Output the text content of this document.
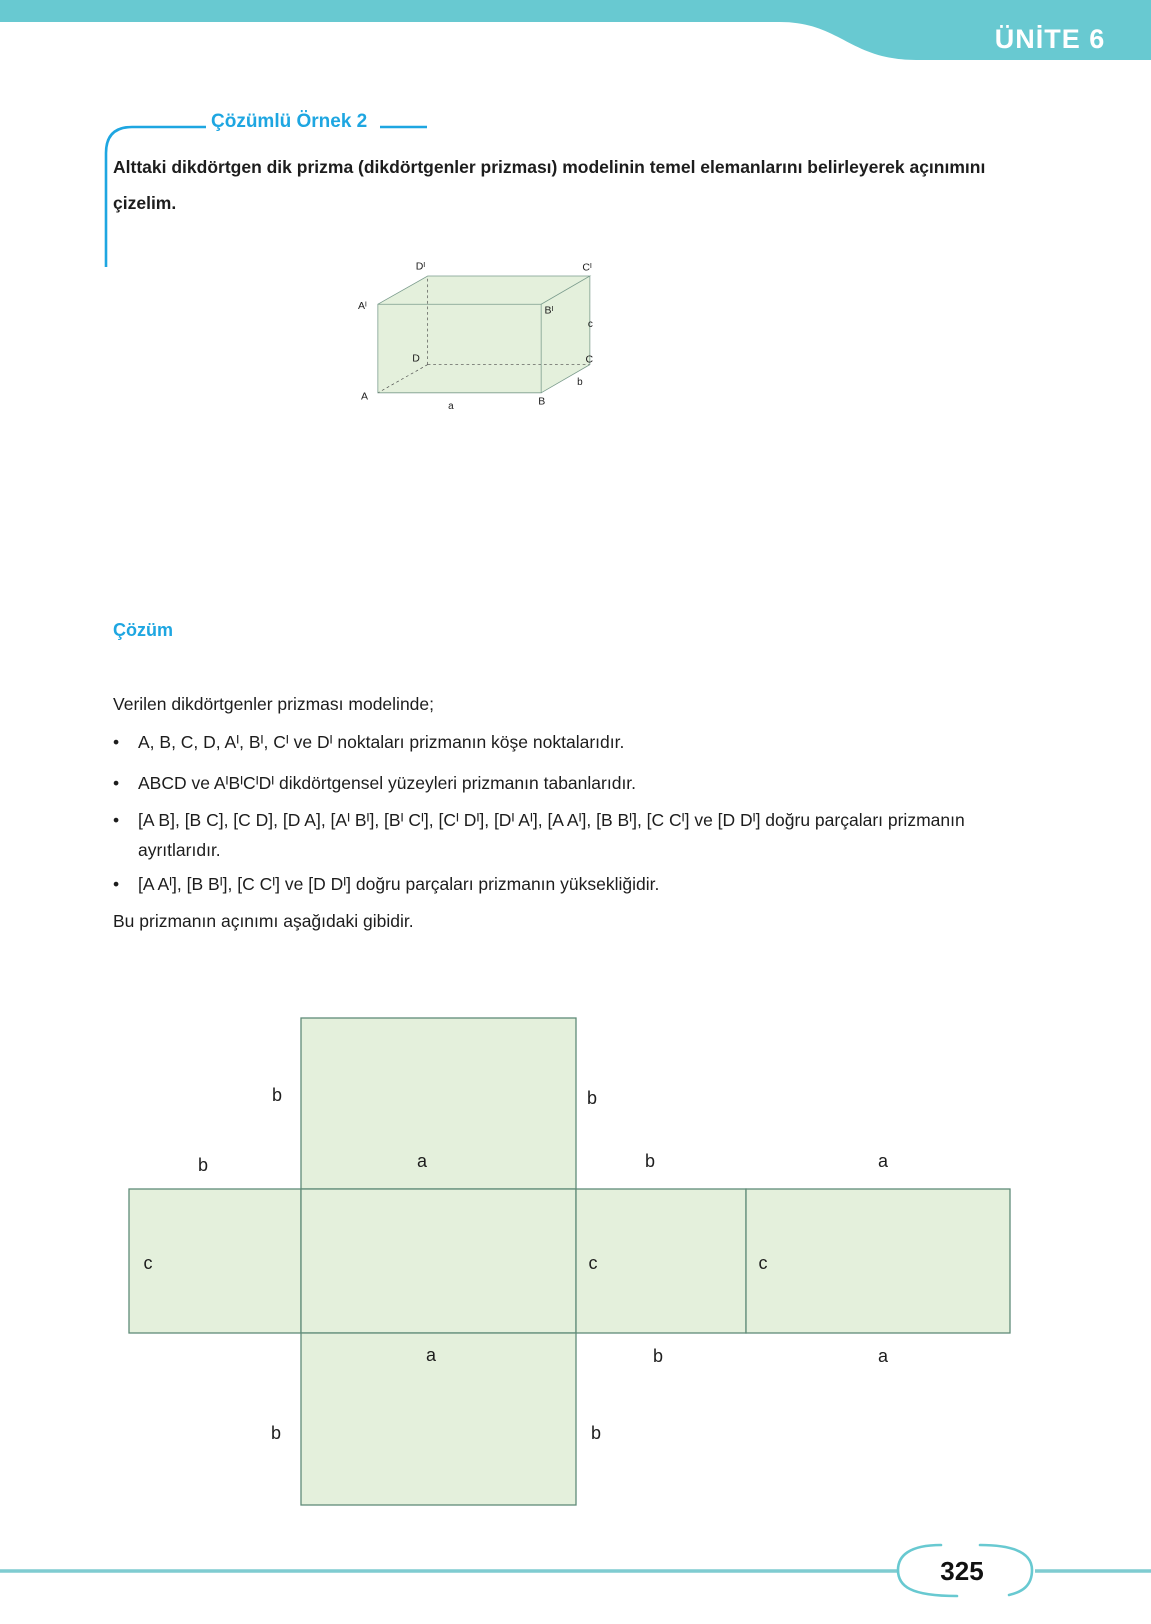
ÜNİTE 6
Çözümlü Örnek 2
Alttaki dikdörtgen dik prizma (dikdörtgenler prizması) modelinin temel elemanlarını belirleyerek açınımını çizelim.
Dᴵ	Cᴵ
Aᴵ	Bᴵ
D	C
A	B
a
b
c
Çözüm
Verilen dikdörtgenler prizması modelinde;
• A, B, C, D, Aᴵ, Bᴵ, Cᴵ ve Dᴵ noktaları prizmanın köşe noktalarıdır.
• ABCD ve AᴵBᴵCᴵDᴵ dikdörtgensel yüzeyleri prizmanın tabanlarıdır.
• [A B], [B C], [C D], [D A], [Aᴵ Bᴵ], [Bᴵ Cᴵ], [Cᴵ Dᴵ], [Dᴵ Aᴵ], [A Aᴵ], [B Bᴵ], [C Cᴵ] ve [D Dᴵ] doğru parçaları prizmanın ayrıtlarıdır.
• [A Aᴵ], [B Bᴵ], [C Cᴵ] ve [D Dᴵ] doğru parçaları prizmanın yüksekliğidir.
Bu prizmanın açınımı aşağıdaki gibidir.
b	b
b	a	b	a
c	c	c
a	b	a
b	b
325
